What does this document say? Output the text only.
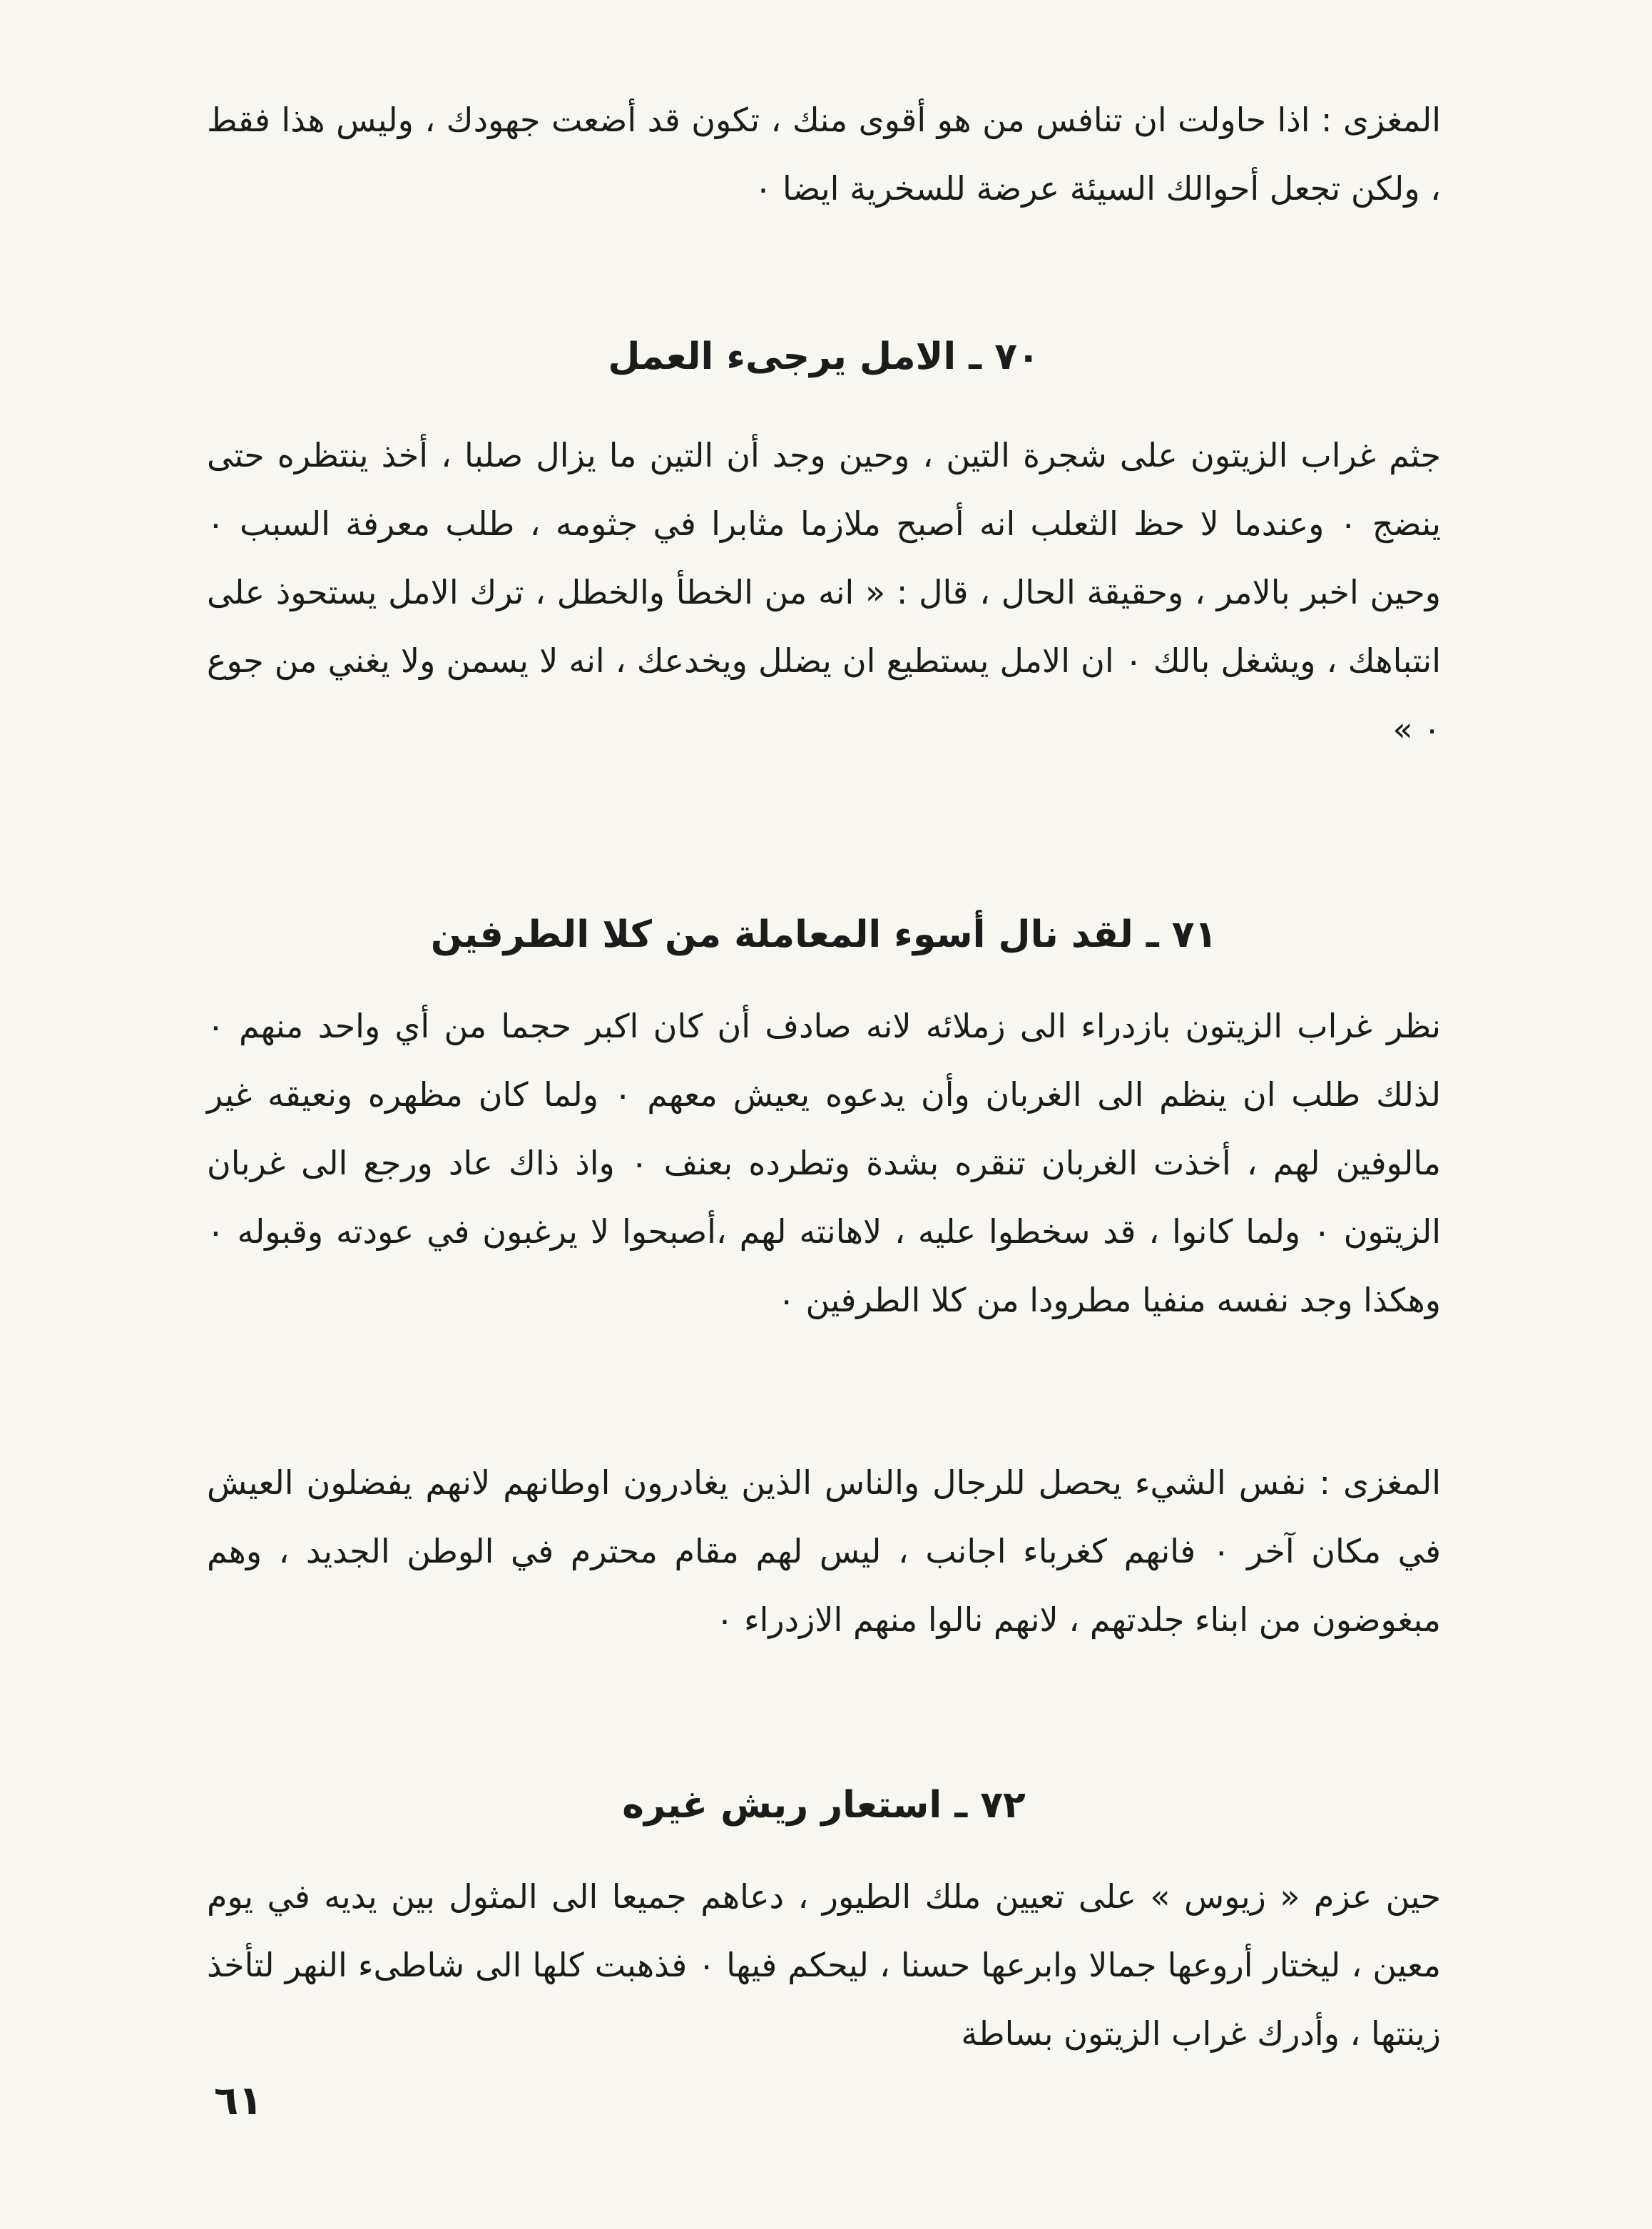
المغزى : اذا حاولت ان تنافس من هو أقوى منك ، تكون قد أضعت جهودك ، وليس هذا فقط ، ولكن تجعل أحوالك السيئة عرضة للسخرية ايضا ٠

٧٠ ـ الامل يرجىء العمل

جثم غراب الزيتون على شجرة التين ، وحين وجد أن التين ما يزال صلبا ، أخذ ينتظره حتى ينضج ٠ وعندما لا حظ الثعلب انه أصبح ملازما مثابرا في جثومه ، طلب معرفة السبب ٠ وحين اخبر بالامر ، وحقيقة الحال ، قال : « انه من الخطأ والخطل ، ترك الامل يستحوذ على انتباهك ، ويشغل بالك ٠ ان الامل يستطيع ان يضلل ويخدعك ، انه لا يسمن ولا يغني من جوع ٠ »

٧١ ـ لقد نال أسوء المعاملة من كلا الطرفين

نظر غراب الزيتون بازدراء الى زملائه لانه صادف أن كان اكبر حجما من أي واحد منهم ٠ لذلك طلب ان ينظم الى الغربان وأن يدعوه يعيش معهم ٠ ولما كان مظهره ونعيقه غير مالوفين لهم ، أخذت الغربان تنقره بشدة وتطرده بعنف ٠ واذ ذاك عاد ورجع الى غربان الزيتون ٠ ولما كانوا ، قد سخطوا عليه ، لاهانته لهم ،أصبحوا لا يرغبون في عودته وقبوله ٠ وهكذا وجد نفسه منفيا مطرودا من كلا الطرفين ٠

المغزى : نفس الشيء يحصل للرجال والناس الذين يغادرون اوطانهم لانهم يفضلون العيش في مكان آخر ٠ فانهم كغرباء اجانب ، ليس لهم مقام محترم في الوطن الجديد ، وهم مبغوضون من ابناء جلدتهم ، لانهم نالوا منهم الازدراء ٠

٧٢ ـ استعار ريش غيره

حين عزم « زيوس » على تعيين ملك الطيور ، دعاهم جميعا الى المثول بين يديه في يوم معين ، ليختار أروعها جمالا وابرعها حسنا ، ليحكم فيها ٠ فذهبت كلها الى شاطىء النهر لتأخذ زينتها ، وأدرك غراب الزيتون بساطة

٦١
